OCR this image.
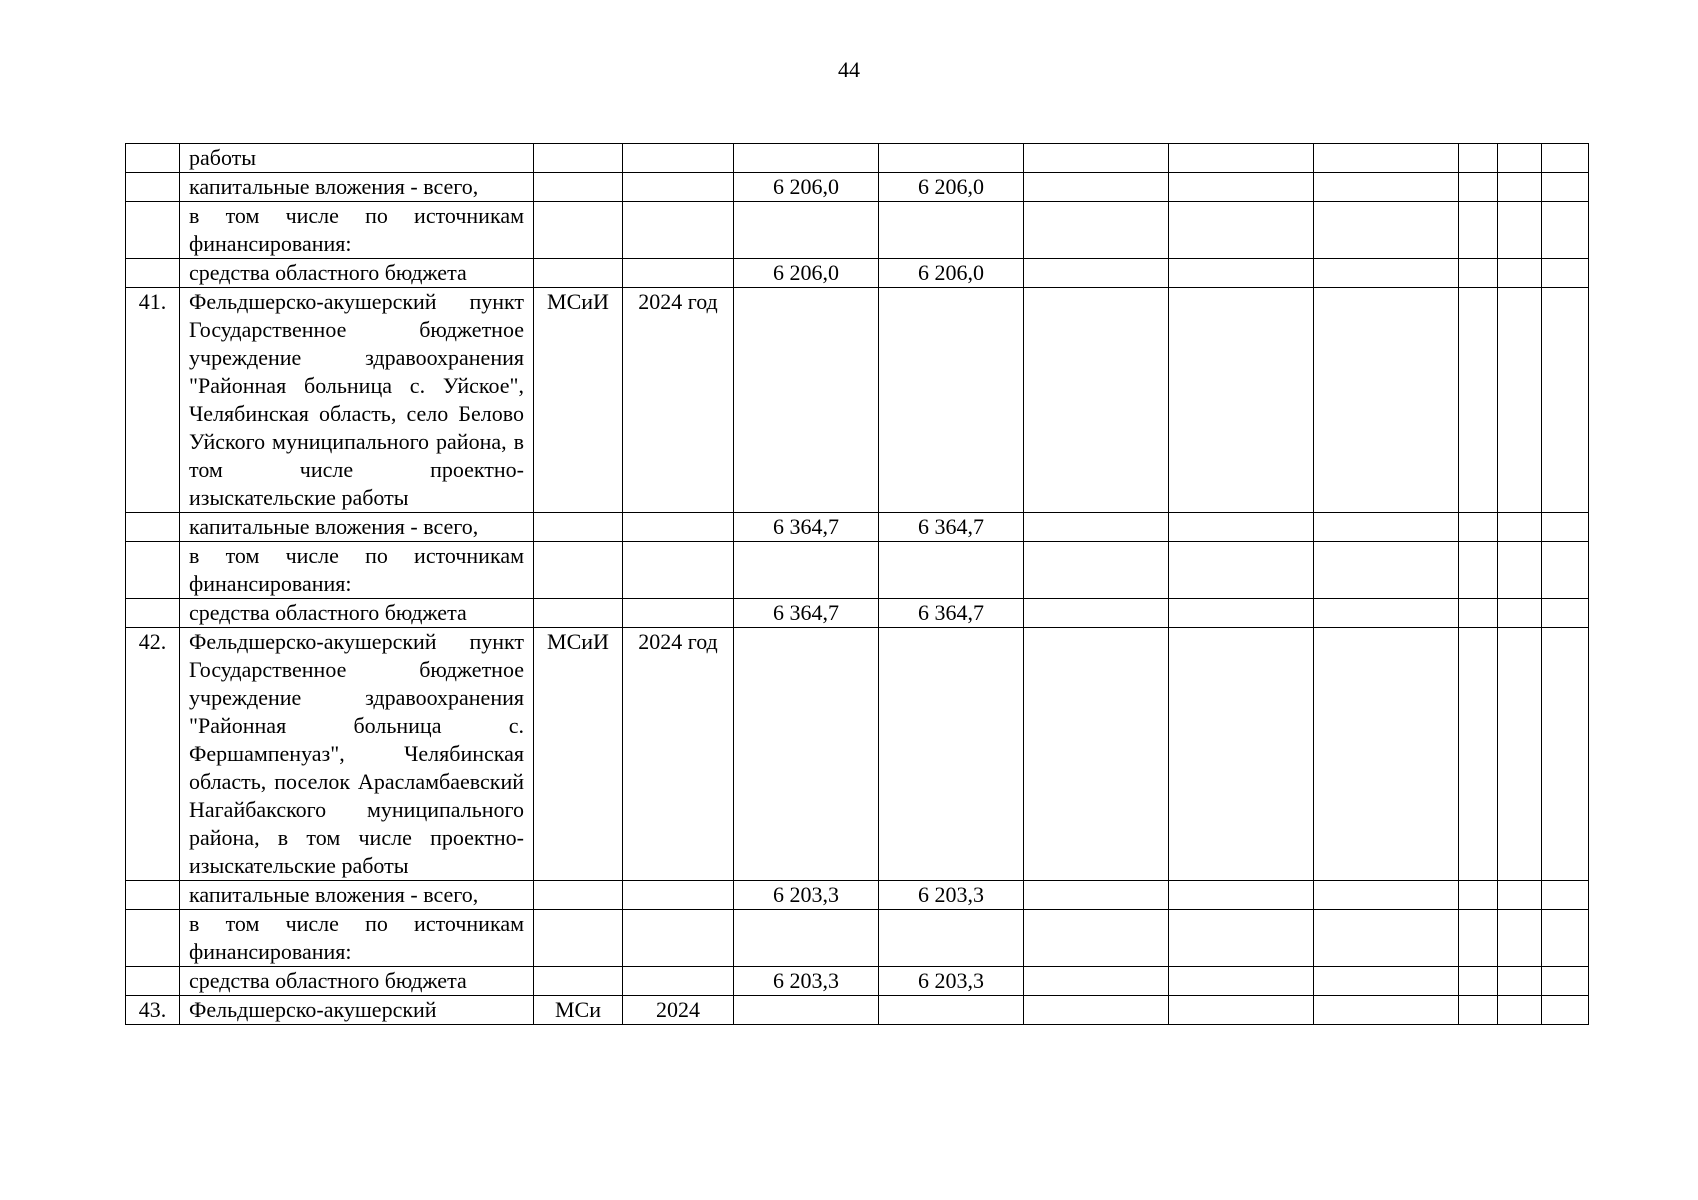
44
	работы										
	капитальные вложения - всего,			6 206,0	6 206,0						
	в том числе по источникам финансирования:										
	средства областного бюджета			6 206,0	6 206,0						
41.	Фельдшерско-акушерский пункт Государственное бюджетное учреждение здравоохранения "Районная больница с. Уйское", Челябинская область, село Белово Уйского муниципального района, в том числе проектно-изыскательские работы	МСиИ	2024 год								
	капитальные вложения - всего,			6 364,7	6 364,7						
	в том числе по источникам финансирования:										
	средства областного бюджета			6 364,7	6 364,7						
42.	Фельдшерско-акушерский пункт Государственное бюджетное учреждение здравоохранения "Районная больница с. Фершампенуаз", Челябинская область, поселок Арасламбаевский Нагайбакского муниципального района, в том числе проектно-изыскательские работы	МСиИ	2024 год								
	капитальные вложения - всего,			6 203,3	6 203,3						
	в том числе по источникам финансирования:										
	средства областного бюджета			6 203,3	6 203,3						
43.	Фельдшерско-акушерский	МСи	2024								
